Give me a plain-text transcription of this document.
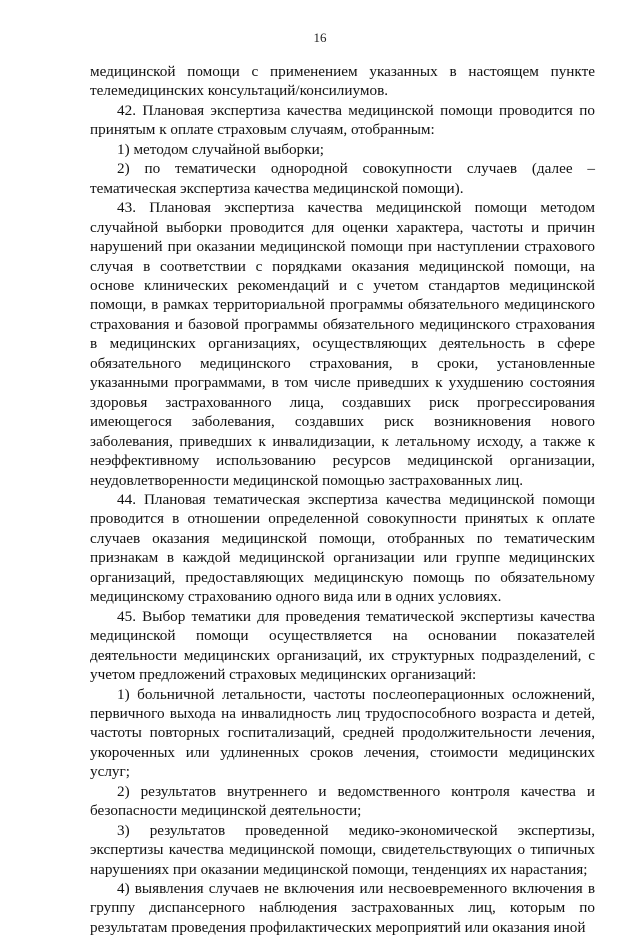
16

медицинской помощи с применением указанных в настоящем пункте телемедицинских консультаций/консилиумов.

42. Плановая экспертиза качества медицинской помощи проводится по принятым к оплате страховым случаям, отобранным:

1) методом случайной выборки;

2) по тематически однородной совокупности случаев (далее – тематическая экспертиза качества медицинской помощи).

43. Плановая экспертиза качества медицинской помощи методом случайной выборки проводится для оценки характера, частоты и причин нарушений при оказании медицинской помощи при наступлении страхового случая в соответствии с порядками оказания медицинской помощи, на основе клинических рекомендаций и с учетом стандартов медицинской помощи, в рамках территориальной программы обязательного медицинского страхования и базовой программы обязательного медицинского страхования в медицинских организациях, осуществляющих деятельность в сфере обязательного медицинского страхования, в сроки, установленные указанными программами, в том числе приведших к ухудшению состояния здоровья застрахованного лица, создавших риск прогрессирования имеющегося заболевания, создавших риск возникновения нового заболевания, приведших к инвалидизации, к летальному исходу, а также к неэффективному использованию ресурсов медицинской организации, неудовлетворенности медицинской помощью застрахованных лиц.

44. Плановая тематическая экспертиза качества медицинской помощи проводится в отношении определенной совокупности принятых к оплате случаев оказания медицинской помощи, отобранных по тематическим признакам в каждой медицинской организации или группе медицинских организаций, предоставляющих медицинскую помощь по обязательному медицинскому страхованию одного вида или в одних условиях.

45. Выбор тематики для проведения тематической экспертизы качества медицинской помощи осуществляется на основании показателей деятельности медицинских организаций, их структурных подразделений, с учетом предложений страховых медицинских организаций:

1) больничной летальности, частоты послеоперационных осложнений, первичного выхода на инвалидность лиц трудоспособного возраста и детей, частоты повторных госпитализаций, средней продолжительности лечения, укороченных или удлиненных сроков лечения, стоимости медицинских услуг;

2) результатов внутреннего и ведомственного контроля качества и безопасности медицинской деятельности;

3) результатов проведенной медико-экономической экспертизы, экспертизы качества медицинской помощи, свидетельствующих о типичных нарушениях при оказании медицинской помощи, тенденциях их нарастания;

4) выявления случаев не включения или несвоевременного включения в группу диспансерного наблюдения застрахованных лиц, которым по результатам проведения профилактических мероприятий или оказания иной
